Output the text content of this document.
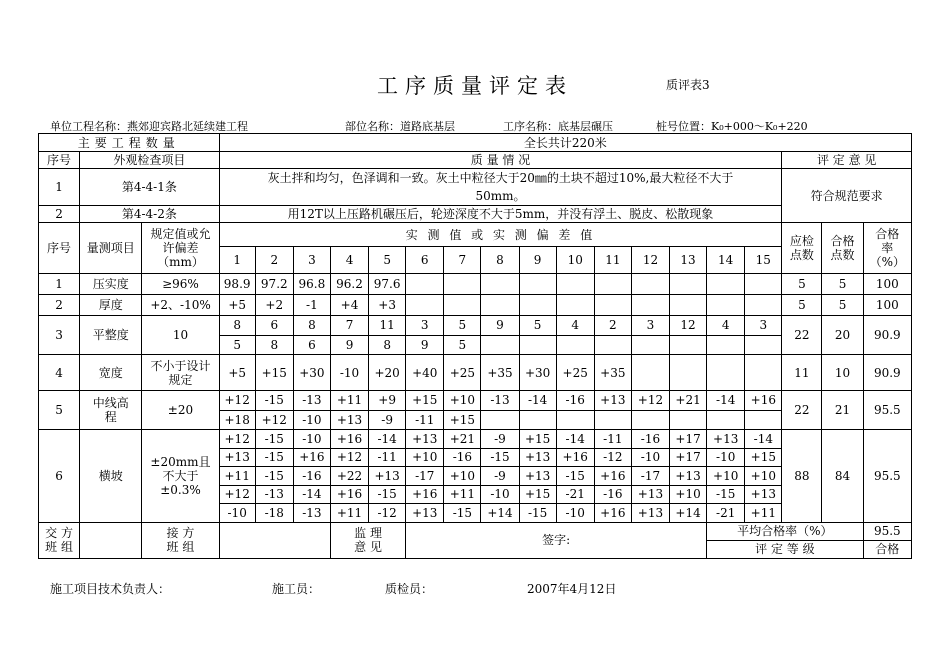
工序质量评定表	质评表3
单位工程名称：燕郊迎宾路北延续建工程	部位名称：道路底基层	工序名称：底基层碾压	桩号位置：K₀+000～K₀+220
主要工程数量			全长共计220米																	
序号	外观检查项目		质 量 情 况															评 定 意 见		
1	第4-4-1条		灰土拌和均匀，色泽调和一致。灰土中粒径大于20㎜的土块不超过10%,最大粒径不大于50mm。															符合规范要求		
2	第4-4-2条		用12T以上压路机碾压后，轮迹深度不大于5mm，并没有浮土、脱皮、松散现象																	
序号	量测项目	规定值或允许偏差（mm）	实 测 值 或 实 测 偏 差 值															应检点数	合格点数	合格率（%）
			1	2	3	4	5	6	7	8	9	10	11	12	13	14	15			
1	压实度	≥96%	98.9	97.2	96.8	96.2	97.6											5	5	100
2	厚度	+2、-10%	+5	+2	-1	+4	+3											5	5	100
3	平整度	10	8	6	8	7	11	3	5	9	5	4	2	3	12	4	3	22	20	90.9
			5	8	6	9	8	9	5											
4	宽度	不小于设计规定	+5	+15	+30	-10	+20	+40	+25	+35	+30	+25	+35					11	10	90.9
5	中线高程	±20	+12	-15	-13	+11	+9	+15	+10	-13	-14	-16	+13	+12	+21	-14	+16	22	21	95.5
			+18	+12	-10	+13	-9	-11	+15											
6	横坡	±20mm且不大于±0.3%	+12	-15	-10	+16	-14	+13	+21	-9	+15	-14	-11	-16	+17	+13	-14	88	84	95.5
			+13	-15	+16	+12	-11	+10	-16	-15	+13	+16	-12	-10	+17	-10	+15			
			+11	-15	-16	+22	+13	-17	+10	-9	+13	-15	+16	-17	+13	+10	+10			
			+12	-13	-14	+16	-15	+16	+11	-10	+15	-21	-16	+13	+10	-15	+13			
			-10	-18	-13	+11	-12	+13	-15	+14	-15	-10	+16	+13	+14	-21	+11			
交 方 班 组		接 方 班 组				监 理 意 见		签字:								平均合格率（%）				95.5
																评 定 等 级				合格
施工项目技术负责人：	施工员：	质检员：	2007年4月12日
